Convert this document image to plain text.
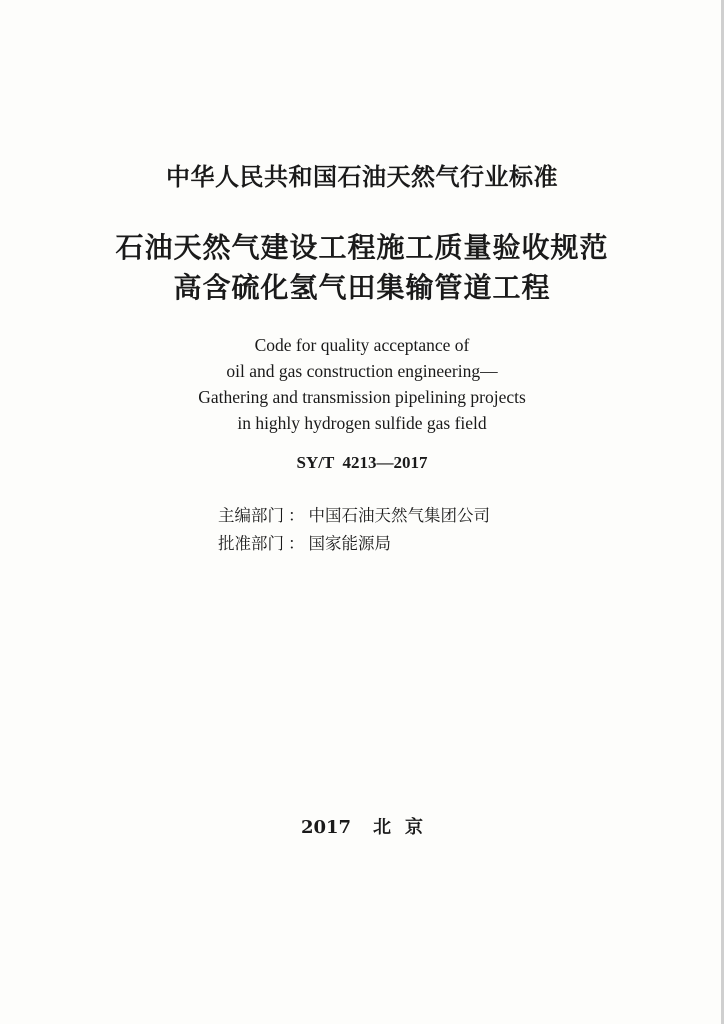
中华人民共和国石油天然气行业标准
石油天然气建设工程施工质量验收规范
高含硫化氢气田集输管道工程
Code for quality acceptance of
oil and gas construction engineering—
Gathering and transmission pipelining projects
in highly hydrogen sulfide gas field
SY/T  4213—2017
主编部门 ： 中国石油天然气集团公司
批准部门 ： 国家能源局
2017 北 京
